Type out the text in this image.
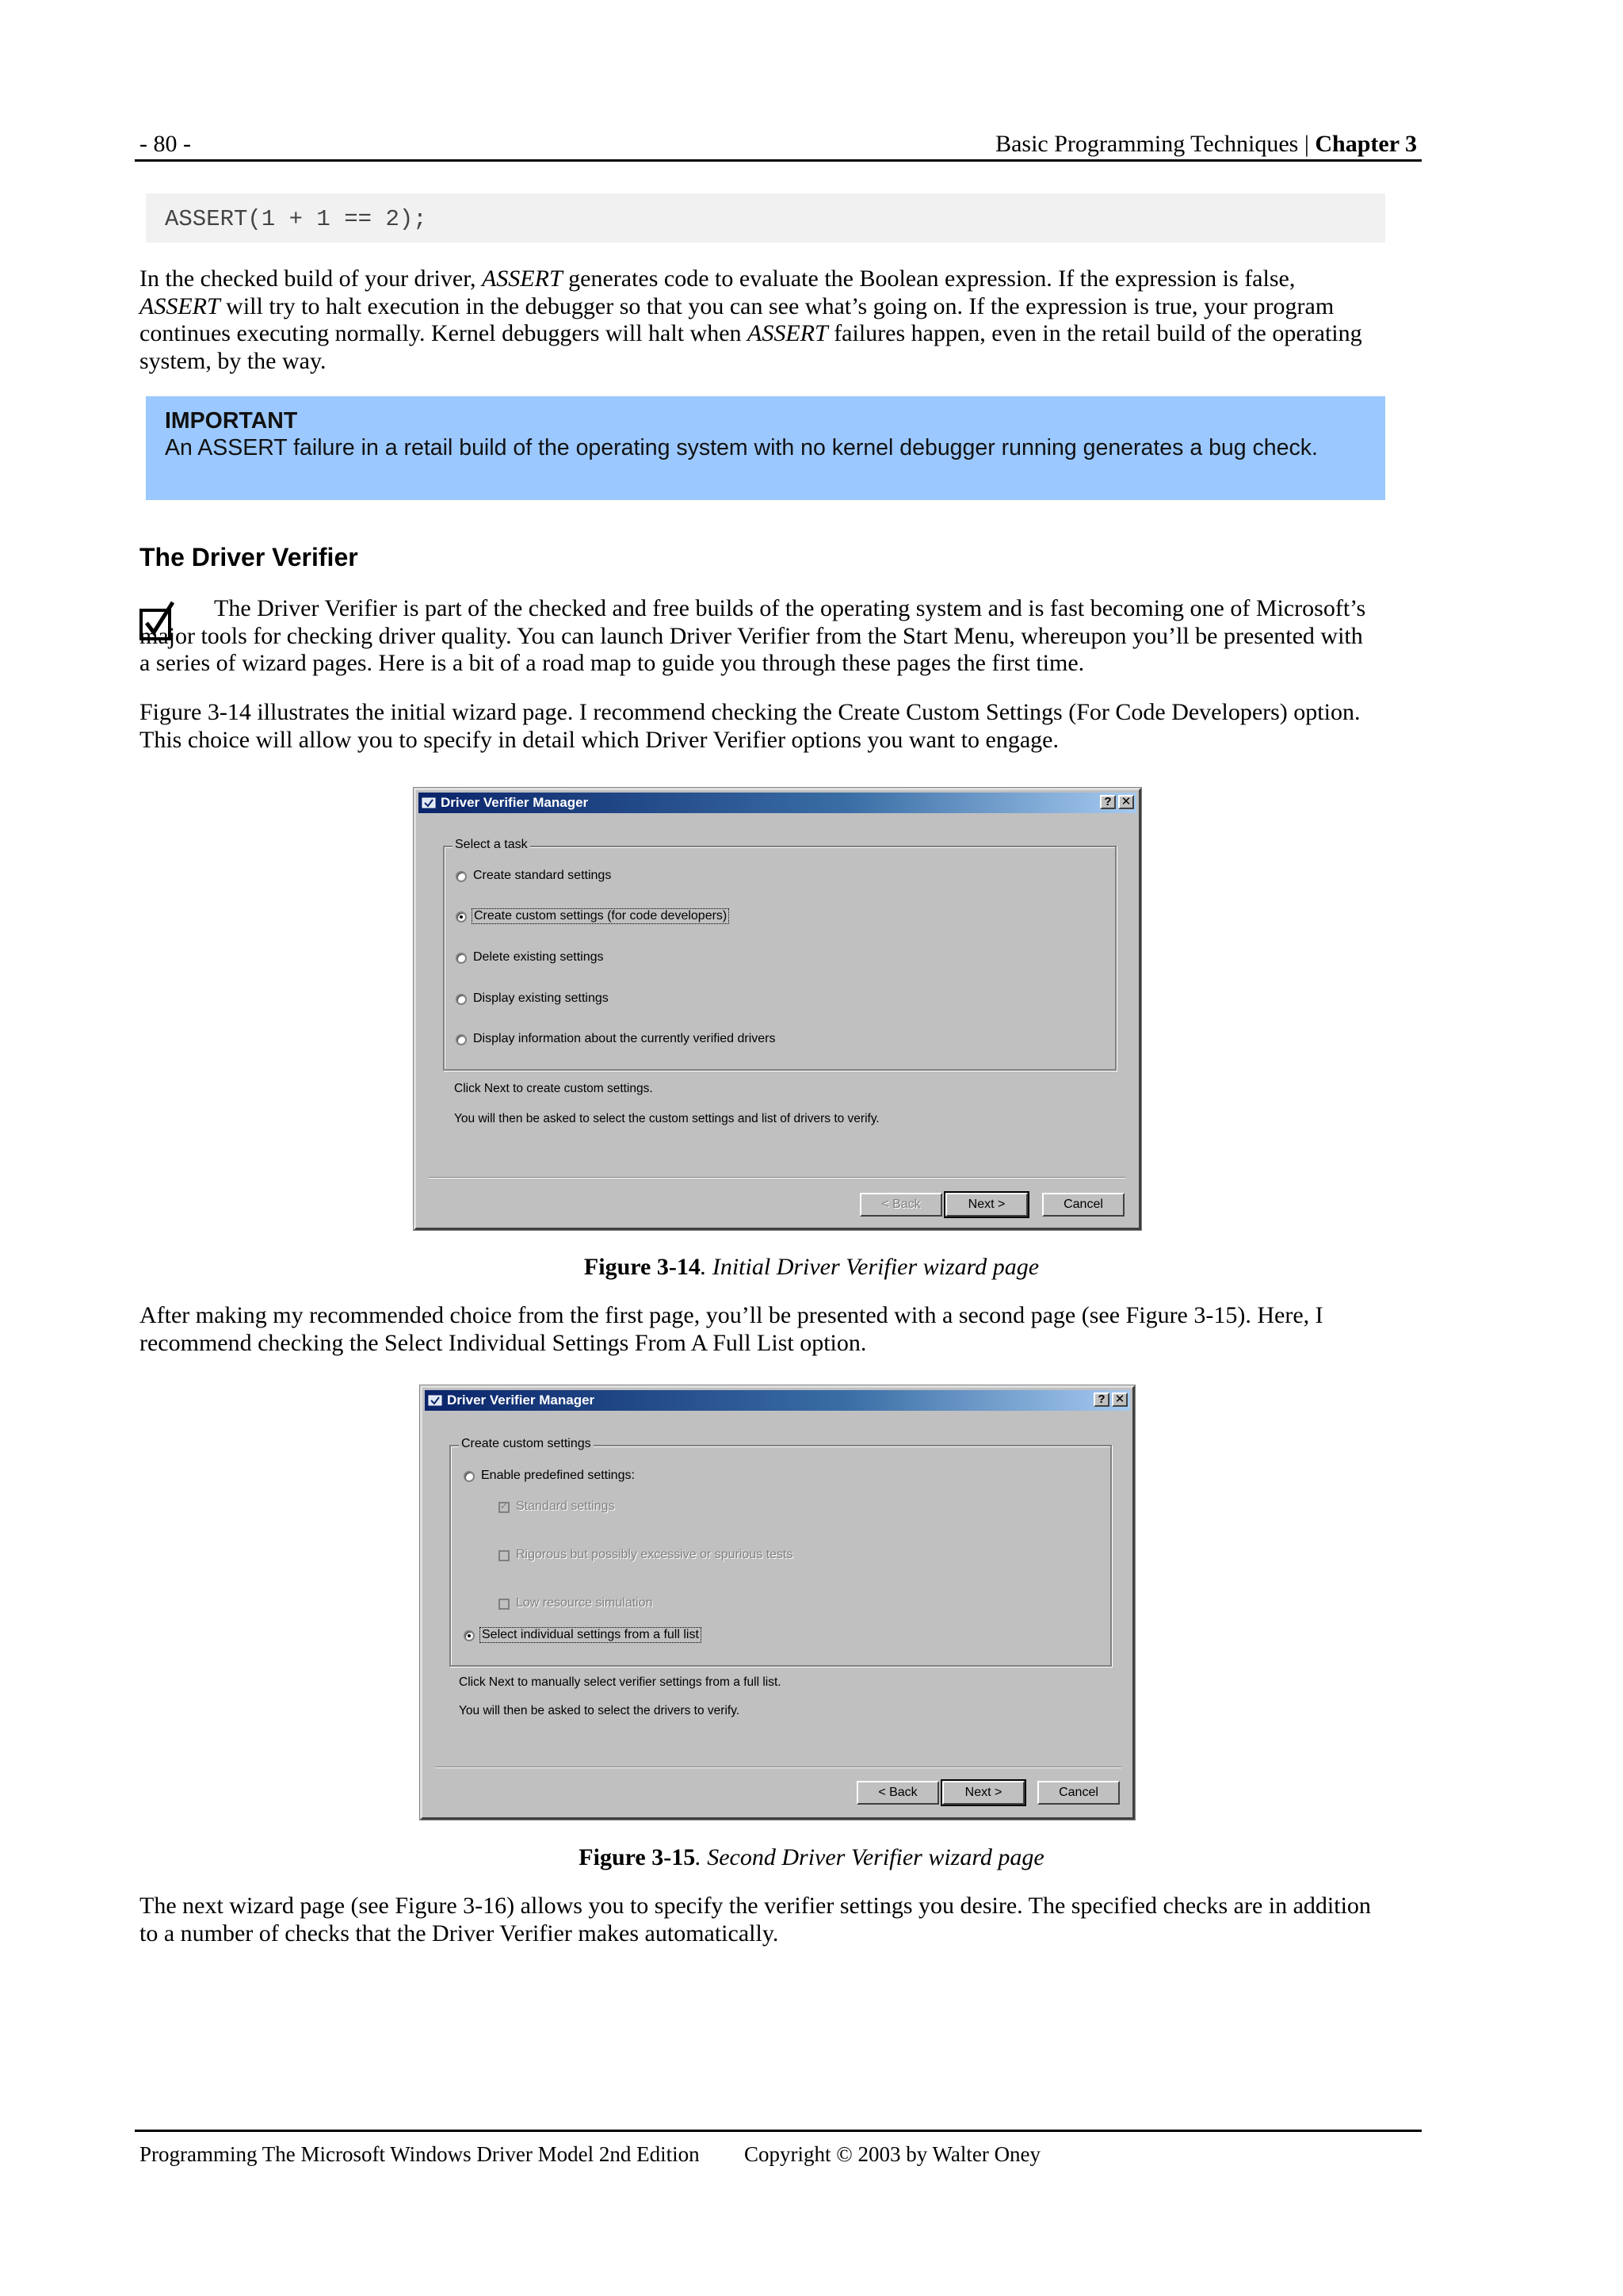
- 80 -	Basic Programming Techniques | Chapter 3
ASSERT(1 + 1 == 2);

In the checked build of your driver, ASSERT generates code to evaluate the Boolean expression. If the expression is false,
ASSERT will try to halt execution in the debugger so that you can see what’s going on. If the expression is true, your program continues executing normally. Kernel debuggers will halt when ASSERT failures happen, even in the retail build of the operating system, by the way.

IMPORTANT
An ASSERT failure in a retail build of the operating system with no kernel debugger running generates a bug check.
The Driver Verifier

The Driver Verifier is part of the checked and free builds of the operating system and is fast becoming one of Microsoft’s major tools for checking driver quality. You can launch Driver Verifier from the Start Menu, whereupon you’ll be presented with a series of wizard pages. Here is a bit of a road map to guide you through these pages the first time.

Figure 3-14 illustrates the initial wizard page. I recommend checking the Create Custom Settings (For Code Developers) option. This choice will allow you to specify in detail which Driver Verifier options you want to engage.

Driver Verifier Manager	? ✕
Select a task
Create standard settings
Create custom settings (for code developers)
Delete existing settings
Display existing settings
Display information about the currently verified drivers
Click Next to create custom settings.
You will then be asked to select the custom settings and list of drivers to verify.
< Back	Next >	Cancel
Figure 3-14. Initial Driver Verifier wizard page

After making my recommended choice from the first page, you’ll be presented with a second page (see Figure 3-15). Here, I recommend checking the Select Individual Settings From A Full List option.

Driver Verifier Manager	? ✕
Create custom settings
Enable predefined settings:
✓
Standard settings
Rigorous but possibly excessive or spurious tests
Low resource simulation
Select individual settings from a full list
Click Next to manually select verifier settings from a full list.
You will then be asked to select the drivers to verify.
< Back	Next >	Cancel
Figure 3-15. Second Driver Verifier wizard page

The next wizard page (see Figure 3-16) allows you to specify the verifier settings you desire. The specified checks are in addition to a number of checks that the Driver Verifier makes automatically.

Programming The Microsoft Windows Driver Model 2nd Edition Copyright © 2003 by Walter Oney
